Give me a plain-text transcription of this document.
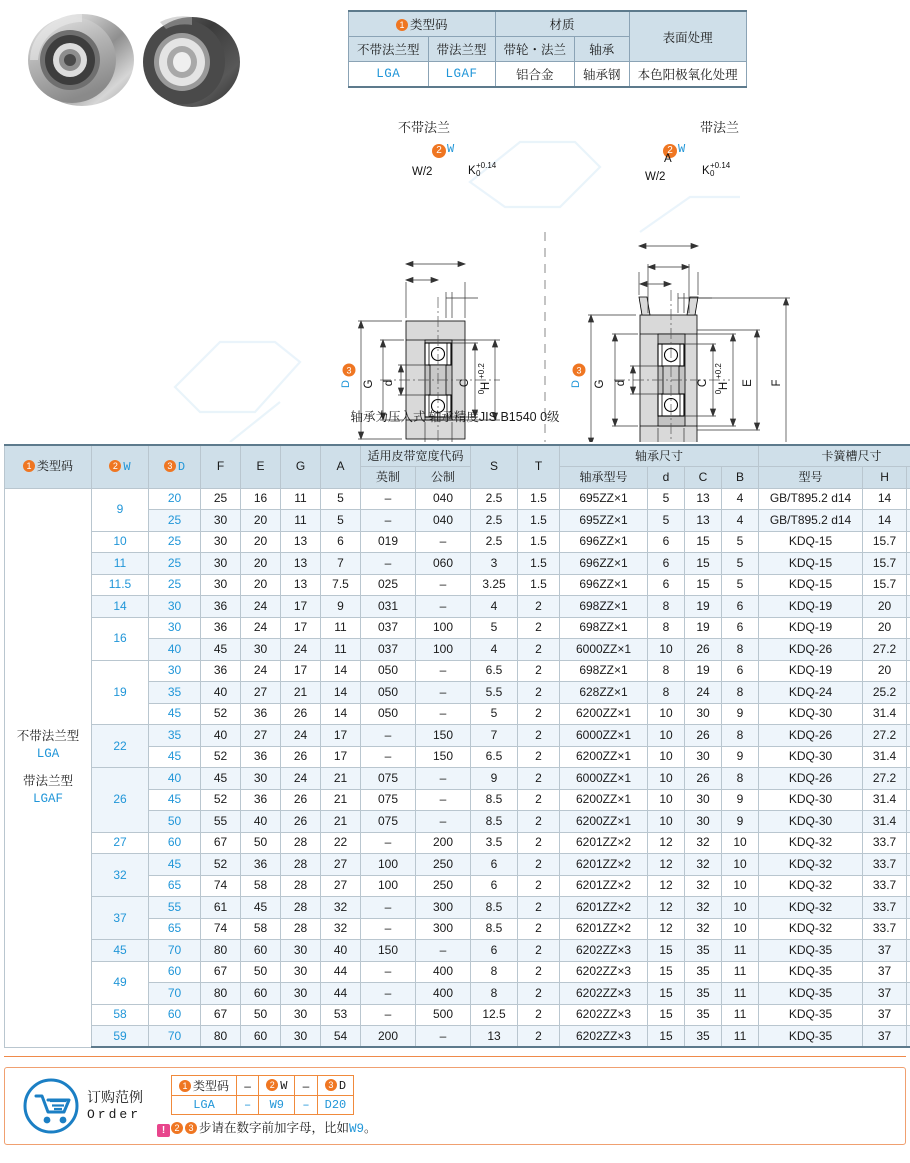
1 类型码		材质		表面处理
不带法兰型	带法兰型	带轮・法兰	轴承	
LGA	LGAF	铝合金	轴承钢	本色阳极氧化处理
不带法兰	带法兰
2 W	2 W
W/2	K +0.14
0
G d	C H
+0.2
0
D
W/2
A
K +0.14
0
G d	C H
+0.2
0
E F
D
3	3
轴承为压入式 轴承精度JIS B1540 0级
1 类型码	2 W	3 D	F	E	G	A	适用皮带宽度代码		S	T	轴承尺寸				卡簧槽尺寸		
							英制	公制			轴承型号	d	C	B	型号	H	

不带法兰型
LGA
带法兰型
LGAF	9	20	25	16	11	5	–	040	2.5	1.5	695ZZ×1	5	13	4	GB/T895.2 d14	14	
		25	30	20	11	5	–	040	2.5	1.5	695ZZ×1	5	13	4	GB/T895.2 d14	14	
	10	25	30	20	13	6	019	–	2.5	1.5	696ZZ×1	6	15	5	KDQ-15	15.7	
	11	25	30	20	13	7	–	060	3	1.5	696ZZ×1	6	15	5	KDQ-15	15.7	
	11.5	25	30	20	13	7.5	025	–	3.25	1.5	696ZZ×1	6	15	5	KDQ-15	15.7	
	14	30	36	24	17	9	031	–	4	2	698ZZ×1	8	19	6	KDQ-19	20	
	16	30	36	24	17	11	037	100	5	2	698ZZ×1	8	19	6	KDQ-19	20	
		40	45	30	24	11	037	100	4	2	6000ZZ×1	10	26	8	KDQ-26	27.2	
	19	30	36	24	17	14	050	–	6.5	2	698ZZ×1	8	19	6	KDQ-19	20	
		35	40	27	21	14	050	–	5.5	2	628ZZ×1	8	24	8	KDQ-24	25.2	
		45	52	36	26	14	050	–	5	2	6200ZZ×1	10	30	9	KDQ-30	31.4	
	22	35	40	27	24	17	–	150	7	2	6000ZZ×1	10	26	8	KDQ-26	27.2	
		45	52	36	26	17	–	150	6.5	2	6200ZZ×1	10	30	9	KDQ-30	31.4	
	26	40	45	30	24	21	075	–	9	2	6000ZZ×1	10	26	8	KDQ-26	27.2	
		45	52	36	26	21	075	–	8.5	2	6200ZZ×1	10	30	9	KDQ-30	31.4	
		50	55	40	26	21	075	–	8.5	2	6200ZZ×1	10	30	9	KDQ-30	31.4	
	27	60	67	50	28	22	–	200	3.5	2	6201ZZ×2	12	32	10	KDQ-32	33.7	
	32	45	52	36	28	27	100	250	6	2	6201ZZ×2	12	32	10	KDQ-32	33.7	
		65	74	58	28	27	100	250	6	2	6201ZZ×2	12	32	10	KDQ-32	33.7	
	37	55	61	45	28	32	–	300	8.5	2	6201ZZ×2	12	32	10	KDQ-32	33.7	
		65	74	58	28	32	–	300	8.5	2	6201ZZ×2	12	32	10	KDQ-32	33.7	
	45	70	80	60	30	40	150	–	6	2	6202ZZ×3	15	35	11	KDQ-35	37	
	49	60	67	50	30	44	–	400	8	2	6202ZZ×3	15	35	11	KDQ-35	37	
		70	80	60	30	44	–	400	8	2	6202ZZ×3	15	35	11	KDQ-35	37	
	58	60	67	50	30	53	–	500	12.5	2	6202ZZ×3	15	35	11	KDQ-35	37	
	59	70	80	60	30	54	200	–	13	2	6202ZZ×3	15	35	11	KDQ-35	37	
订购范例
Order
1 类型码	–	2 W	–	3 D
LGA	–	W9	–	D20
! 2 3 步请在数字前加字母，比如W9。
